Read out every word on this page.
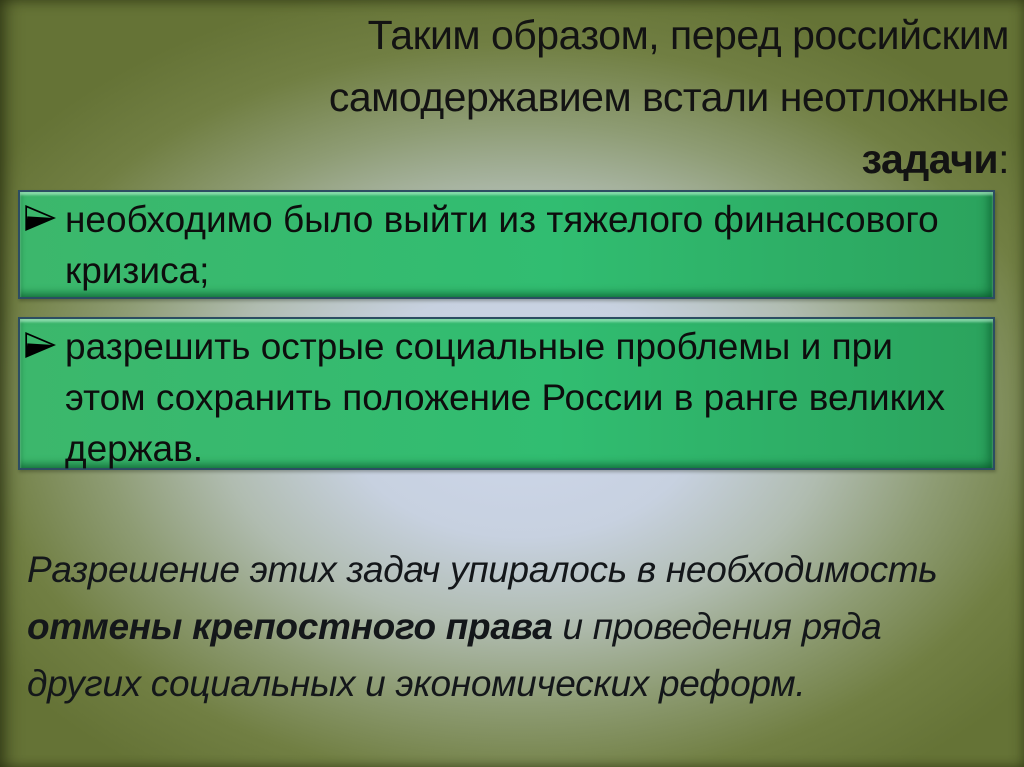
Таким образом, перед российским
самодержавием встали неотложные
задачи:
необходимо было выйти из тяжелого финансового
кризиса;
разрешить острые социальные проблемы и при
этом сохранить положение России в ранге великих
держав.
Разрешение этих задач упиралось в необходимость
отмены крепостного права и проведения ряда
других социальных и экономических реформ.
